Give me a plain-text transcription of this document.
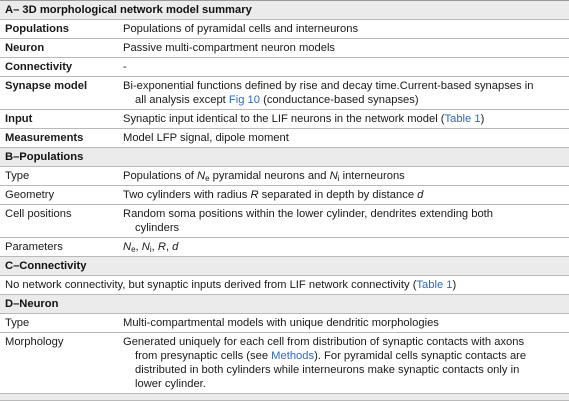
A– 3D morphological network model summary	
Populations	Populations of pyramidal cells and interneurons
Neuron	Passive multi-compartment neuron models
Connectivity	-
Synapse model	Bi-exponential functions defined by rise and decay time.Current-based synapses in
all analysis except Fig 10 (conductance-based synapses)

Input	Synaptic input identical to the LIF neurons in the network model (Table 1)
Measurements	Model LFP signal, dipole moment
B–Populations	
Type	Populations of $N_e$ pyramidal neurons and $N_i$ interneurons
Geometry	Two cylinders with radius R separated in depth by distance d
Cell positions	Random soma positions within the lower cylinder, dendrites extending both
cylinders

Parameters	$N_e$, $N_i$, R, d
C–Connectivity	
No network connectivity, but synaptic inputs derived from LIF network connectivity (Table 1)	
D–Neuron	
Type	Multi-compartmental models with unique dendritic morphologies
Morphology	Generated uniquely for each cell from distribution of synaptic contacts with axons
from presynaptic cells (see Methods). For pyramidal cells synaptic contacts are
distributed in both cylinders while interneurons make synaptic contacts only in
lower cylinder.
